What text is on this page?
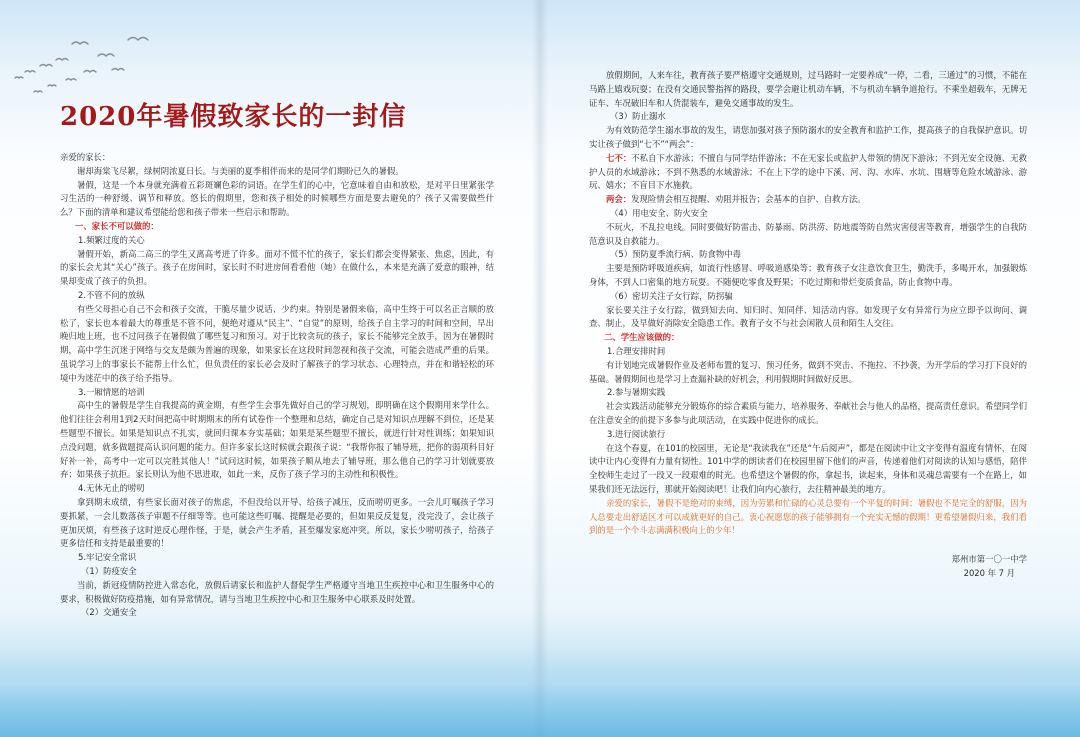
2020年暑假致家长的一封信

亲爱的家长：

谢却海棠飞尽絮，绿树阴浓夏日长。与美丽的夏季相伴而来的是同学们期盼已久的暑假。

暑假，这是一个本身就充满着五彩斑斓色彩的词语。在学生们的心中，它意味着自由和放松，是对平日里紧张学习生活的一种舒缓、调节和释放。悠长的假期里，您和孩子相处的时候哪些方面是要去避免的？孩子又需要做些什么？下面的清单和建议希望能给您和孩子带来一些启示和帮助。

一、家长不可以做的：

1.频繁过度的关心

暑假开始，新高二高三的学生又离高考进了许多。面对不慌不忙的孩子，家长们都会变得紧张、焦虑，因此，有的家长会尤其“关心”孩子。孩子在房间时，家长时不时进房间看看他（她）在做什么，本来是充满了爱意的眼神，结果却变成了孩子的负担。

2.不管不问的放纵

有些父母担心自己不会和孩子交流，干脆尽量少说话、少约束。特别是暑假来临，高中生终于可以名正言顺的放松了，家长也本着最大的尊重是不管不问，便绝对遵从“民主”、“自觉”的原则，给孩子自主学习的时间和空间，早出晚归地上班，也不过问孩子在暑假做了哪些复习和预习。对于比较贪玩的孩子，家长不能够完全放手，因为在暑假时期，高中学生沉迷于网络与交友是颇为普遍的现象，如果家长在这段时间忽视和孩子交流，可能会造成严重的后果。虽说学习上的事家长不能帮上什么忙，但负责任的家长必会及时了解孩子的学习状态、心理特点，并在和谐轻松的环境中为迷茫中的孩子给予指导。

3.一厢情愿的培训

高中生的暑假是学生自我提高的黄金期，有些学生会事先做好自己的学习规划，即明确在这个假期用来学什么。他们往往会利用1到2天时间把高中时期期末的所有试卷作一个整理和总结，确定自己是对知识点理解不到位，还是某些题型不擅长。如果是知识点不扎实，就回归课本夯实基础；如果是某些题型不擅长，就进行针对性训练；如果知识点没问题，就多做题提高认识问题的能力。但许多家长这时候就会跟孩子说：“我帮你报了辅导班，把你的弱项科目好好补一补，高考中一定可以完胜其他人！”试问这时候，如果孩子顺从地去了辅导班，那么他自己的学习计划就要放弃；如果孩子抗拒。家长则认为他不思进取，如此一来，反伤了孩子学习的主动性和积极性。

4.无休无止的唠叨

拿到期末成绩，有些家长面对孩子的焦虑，不但没给以开导、给孩子减压，反而唠叨更多。一会儿叮嘱孩子学习要抓紧，一会儿数落孩子审题不仔细等等。也可能这些叮嘱、提醒是必要的，但如果反反复复，没完没了，会让孩子更加厌烦，有些孩子这时逆反心理作怪，于是，就会产生矛盾，甚至爆发家庭冲突。所以，家长少唠叨孩子，给孩子更多信任和支持是最重要的！

5.牢记安全常识

（1）防疫安全

当前，新冠疫情防控进入常态化，放假后请家长和监护人督促学生严格遵守当地卫生疾控中心和卫生服务中心的要求，积极做好防疫措施，如有异常情况，请与当地卫生疾控中心和卫生服务中心联系及时处置。

（2）交通安全

放假期间，人来车往，教育孩子要严格遵守交通规则，过马路时一定要养成“一停，二看，三通过”的习惯，不能在马路上嬉戏玩耍；在没有交通民警指挥的路段，要学会避让机动车辆，不与机动车辆争道抢行。不乘坐超载车，无牌无证车、车况破旧车和人货混装车，避免交通事故的发生。

（3）防止溺水

为有效防范学生溺水事故的发生，请您加强对孩子预防溺水的安全教育和监护工作，提高孩子的自我保护意识。切实让孩子做到“七不”“两会”：

七不：不私自下水游泳；不擅自与同学结伴游泳；不在无家长或监护人带领的情况下游泳；不到无安全设施、无救护人员的水域游泳；不到不熟悉的水域游泳；不在上下学的途中下溪、河、沟、水库、水坑、围塘等危险水域游泳、游玩、嬉水；不盲目下水施救。

两会：发现险情会相互提醒、劝阻并报告；会基本的自护、自救方法。

（4）用电安全、防火安全

不玩火，不乱拉电线。同时要做好防雷击、防暴雨、防洪涝、防地震等防自然灾害侵害等教育，增强学生的自我防范意识及自救能力。

（5）预防夏季流行病、防食物中毒

主要是预防呼吸道疾病，如流行性感冒、呼吸道感染等；教育孩子女注意饮食卫生，勤洗手，多喝开水，加强锻炼身体，不到人口密集的地方玩耍。不随便吃零食及野果；不吃过期和带烂变质食品，防止食物中毒。

（6）密切关注子女行踪，防拐骗

家长要关注子女行踪，做到知去向、知归时、知同伴、知活动内容。如发现子女有异常行为应立即予以询问、调查、制止，及早做好消除安全隐患工作。教育子女不与社会闲散人员和陌生人交往。

二、学生应该做的：

1.合理安排时间

有计划地完成暑假作业及老师布置的复习、预习任务，做到不突击、不拖拉、不抄袭，为开学后的学习打下良好的基础。暑假期间也是学习上查漏补缺的好机会，利用假期时间做好反思。

2.参与暑期实践

社会实践活动能够充分锻炼你的综合素质与能力，培养服务、奉献社会与他人的品格，提高责任意识。希望同学们在注意安全的前提下多参与此项活动，在实践中促进你的成长。

3.进行阅读旅行

在这个春夏，在101的校园里，无论是“我读我在”还是“午后阅声”，都是在阅读中让文字变得有温度有情怀，在阅读中让内心变得有力量有韧性。101中学的朗读者们在校园里留下他们的声音，传递着他们对阅读的认知与感悟，陪伴全校师生走过了一段又一段艰难的时光。也希望这个暑假的你，拿起书，读起来，身体和灵魂总需要有一个在路上，如果我们还无法远行，那就开始阅读吧！让我们向内心旅行，去往精神最美的地方。

亲爱的家长，暑假不是绝对的束缚，因为劳累和忙碌的心灵总要有一个平复的时间；暑假也不是完全的舒服，因为人总要走出舒适区才可以成就更好的自己。衷心祝愿您的孩子能够拥有一个充实无憾的假期！更希望暑假归来，我们看到的是一个个斗志满满积极向上的少年！

郑州市第一〇一中学

2020 年 7 月
